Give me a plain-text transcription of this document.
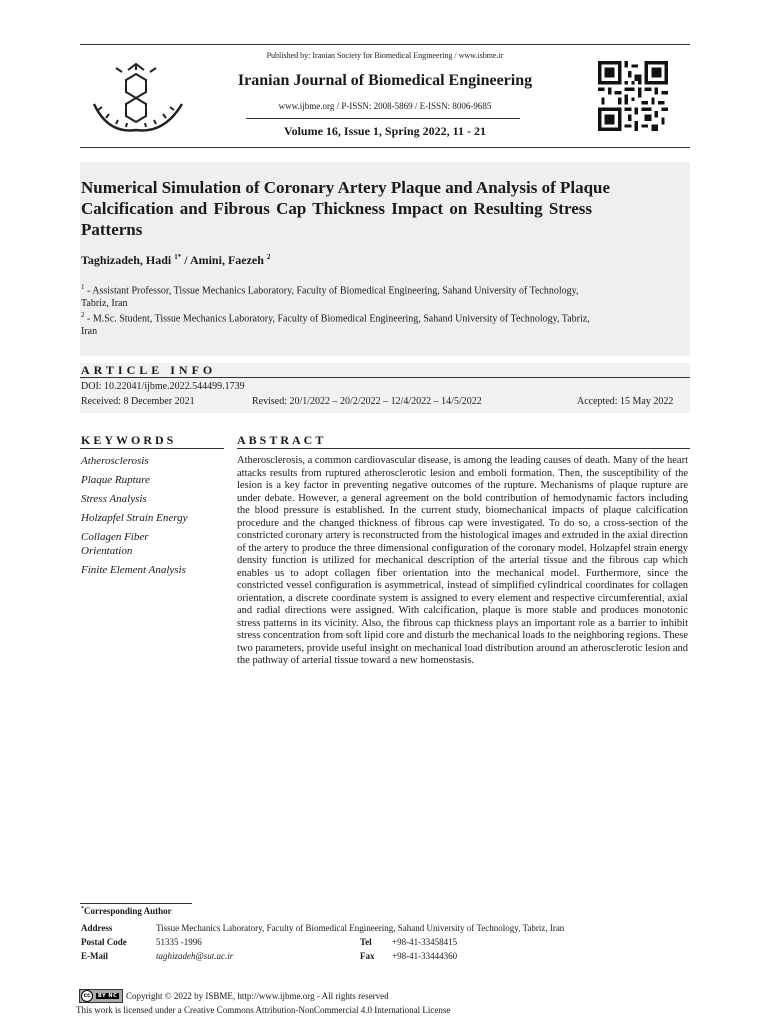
Published by: Iranian Society for Biomedical Engineering / www.isbme.ir
Iranian Journal of Biomedical Engineering
www.ijbme.org / P-ISSN: 2008-5869 / E-ISSN: 8006-9685
Volume 16, Issue 1, Spring 2022, 11 - 21
Numerical Simulation of Coronary Artery Plaque and Analysis of Plaque
Calcification and Fibrous Cap Thickness Impact on Resulting Stress
Patterns
Taghizadeh, Hadi $^{1*}$ / Amini, Faezeh $^2$
$^1$ - Assistant Professor, Tissue Mechanics Laboratory, Faculty of Biomedical Engineering, Sahand University of Technology,
Tabriz, Iran
$^2$ - M.Sc. Student, Tissue Mechanics Laboratory, Faculty of Biomedical Engineering, Sahand University of Technology, Tabriz,
Iran
ARTICLE INFO
DOI: 10.22041/ijbme.2022.544499.1739
Received: 8 December 2021	Revised: 20/1/2022 – 20/2/2022 – 12/4/2022 – 14/5/2022	Accepted: 15 May 2022
KEYWORDS	ABSTRACT
Atherosclerosis
Plaque Rupture
Stress Analysis
Holzapfel Strain Energy
Collagen Fiber
Orientation
Finite Element Analysis
Atherosclerosis, a common cardiovascular disease, is among the leading causes of death. Many of the heart attacks results from ruptured atherosclerotic lesion and emboli formation. Then, the susceptibility of the lesion is a key factor in preventing negative outcomes of the rupture. Mechanisms of plaque rupture are under debate. However, a general agreement on the bold contribution of hemodynamic factors including the blood pressure is established. In the current study, biomechanical impacts of plaque calcification procedure and the changed thickness of fibrous cap were investigated. To do so, a cross-section of the constricted coronary artery is reconstructed from the histological images and extruded in the axial direction of the artery to produce the three dimensional configuration of the coronary model. Holzapfel strain energy density function is utilized for mechanical description of the arterial tissue and the fibrous cap which enables us to adopt collagen fiber orientation into the mechanical model. Furthermore, since the constricted vessel configuration is asymmetrical, instead of simplified cylindrical coordinates for collagen orientation, a discrete coordinate system is assigned to every element and respective circumferential, axial and radial directions were assigned. With calcification, plaque is more stable and produces monotonic stress patterns in its vicinity. Also, the fibrous cap thickness plays an important role as a barrier to inhibit stress concentration from soft lipid core and disturb the mechanical loads to the neighboring regions. These two parameters, provide useful insight on mechanical load distribution around an atherosclerotic lesion and the pathway of arterial tissue toward a new homeostasis.
*Corresponding Author
Address	Tissue Mechanics Laboratory, Faculty of Biomedical Engineering, Sahand University of Technology, Tabriz, Iran
Postal Code	51335 -1996	Tel +98-41-33458415
E-Mail	taghizadeh@sut.ac.ir	Fax +98-41-33444360
cc	BY NC Copyright © 2022 by ISBME, http://www.ijbme.org - All rights reserved
This work is licensed under a Creative Commons Attribution-NonCommercial 4.0 International License
